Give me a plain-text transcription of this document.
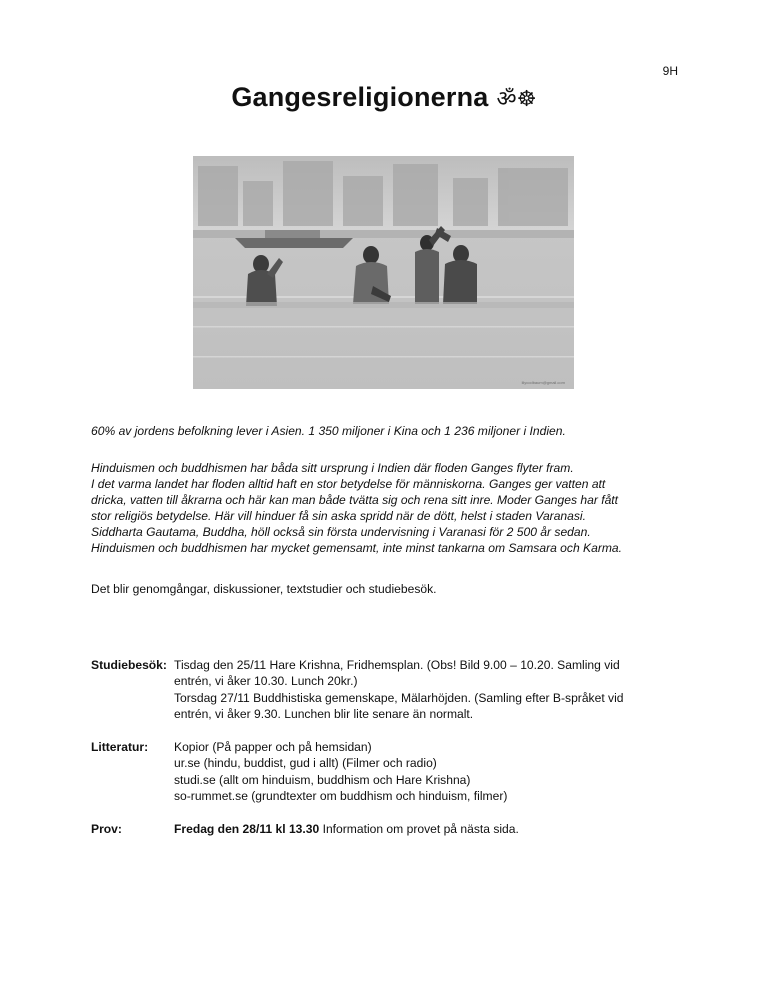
9H
Gangesreligionerna ॐ☸
lilycodbaum@gmail.com
60% av jordens befolkning lever i Asien. 1 350 miljoner i Kina och 1 236 miljoner i Indien.
Hinduismen och buddhismen har båda sitt ursprung i Indien där floden Ganges flyter fram.
I det varma landet har floden alltid haft en stor betydelse för människorna. Ganges ger vatten att
dricka, vatten till åkrarna och här kan man både tvätta sig och rena sitt inre. Moder Ganges har fått
stor religiös betydelse. Här vill hinduer få sin aska spridd när de dött, helst i staden Varanasi.
Siddharta Gautama, Buddha, höll också sin första undervisning i Varanasi för 2 500 år sedan.
Hinduismen och buddhismen har mycket gemensamt, inte minst tankarna om Samsara och Karma.
Det blir genomgångar, diskussioner, textstudier och studiebesök.
Studiebesök: Tisdag den 25/11 Hare Krishna, Fridhemsplan. (Obs! Bild 9.00 – 10.20. Samling vid
entrén, vi åker 10.30. Lunch 20kr.)
Torsdag 27/11 Buddhistiska gemenskape, Mälarhöjden. (Samling efter B-språket vid
entrén, vi åker 9.30. Lunchen blir lite senare än normalt.
Litteratur: Kopior (På papper och på hemsidan)
ur.se (hindu, buddist, gud i allt) (Filmer och radio)
studi.se (allt om hinduism, buddhism och Hare Krishna)
so-rummet.se (grundtexter om buddhism och hinduism, filmer)
Prov:	Fredag den 28/11 kl 13.30 Information om provet på nästa sida.
